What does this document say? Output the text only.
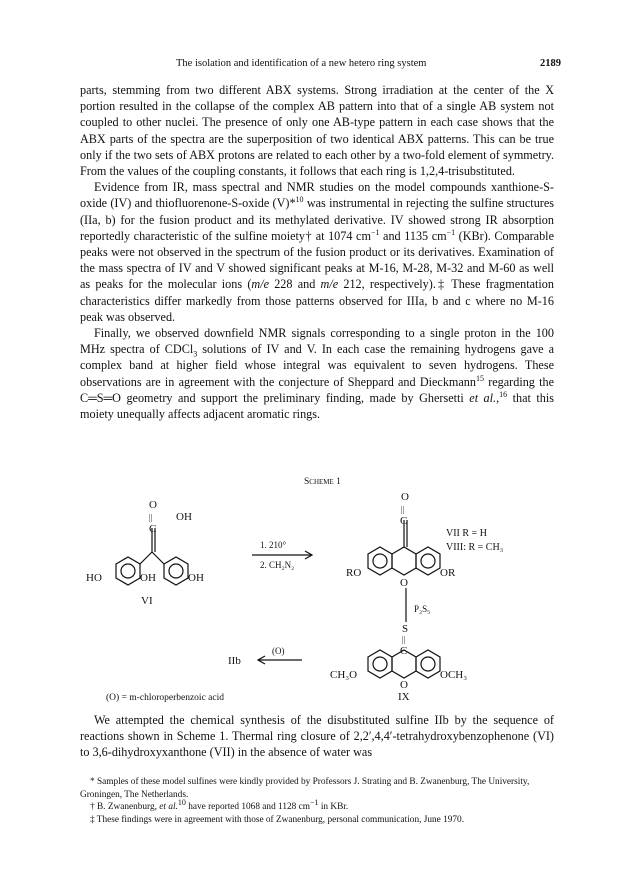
The isolation and identification of a new hetero ring system	2189

parts, stemming from two different ABX systems. Strong irradiation at the center of the X portion resulted in the collapse of the complex AB pattern into that of a single AB system not coupled to other nuclei. The presence of only one AB-type pattern in each case shows that the ABX parts of the spectra are the superposition of two identical ABX patterns. This can be true only if the two sets of ABX protons are related to each other by a two-fold element of symmetry. From the values of the coupling constants, it follows that each ring is 1,2,4-trisubstituted.

Evidence from IR, mass spectral and NMR studies on the model compounds xanthione-S-oxide (IV) and thiofluorenone-S-oxide (V)*$^{10}$ was instrumental in rejecting the sulfine structures (IIa, b) for the fusion product and its methylated derivative. IV showed strong IR absorption reportedly characteristic of the sulfine moiety† at 1074 $cm^{-1}$ and 1135 $cm^{-1}$ (KBr). Comparable peaks were not observed in the spectrum of the fusion product or its derivatives. Examination of the mass spectra of IV and V showed significant peaks at M-16, M-28, M-32 and M-60 as well as peaks for the molecular ions (m/e 228 and m/e 212, respectively).‡ These fragmentation characteristics differ markedly from those patterns observed for IIIa, b and c where no M-16 peak was observed.

Finally, we observed downfield NMR signals corresponding to a single proton in the 100 MHz spectra of CDCl$_3$ solutions of IV and V. In each case the remaining hydrogens gave a complex band at higher field whose integral was equivalent to seven hydrogens. These observations are in agreement with the conjecture of Sheppard and Dieckmann$^{15}$ regarding the C═S═O geometry and support the preliminary finding, made by Ghersetti et al.,$^{16}$ that this moiety unequally affects adjacent aromatic rings.

Scheme 1
O
||
C
OH
HO	OH	OH
VI
1. 210°
2. CH₂N₂
O
||
C
VII R = H
VIII: R = CH₃
RO
O
OR
P₂S₅
S
||
C
(O)
IIb
CH₃O
O
OCH₃
(O) = m-chloroperbenzoic acid	IX

We attempted the chemical synthesis of the disubstituted sulfine IIb by the sequence of reactions shown in Scheme 1. Thermal ring closure of 2,2′,4,4′-tetrahydroxybenzophenone (VI) to 3,6-dihydroxyxanthone (VII) in the absence of water was

* Samples of these model sulfines were kindly provided by Professors J. Strating and B. Zwanenburg, The University, Groningen, The Netherlands.

† B. Zwanenburg, et al.$^{10}$ have reported 1068 and 1128 $cm^{-1}$ in KBr.

‡ These findings were in agreement with those of Zwanenburg, personal communication, June 1970.
